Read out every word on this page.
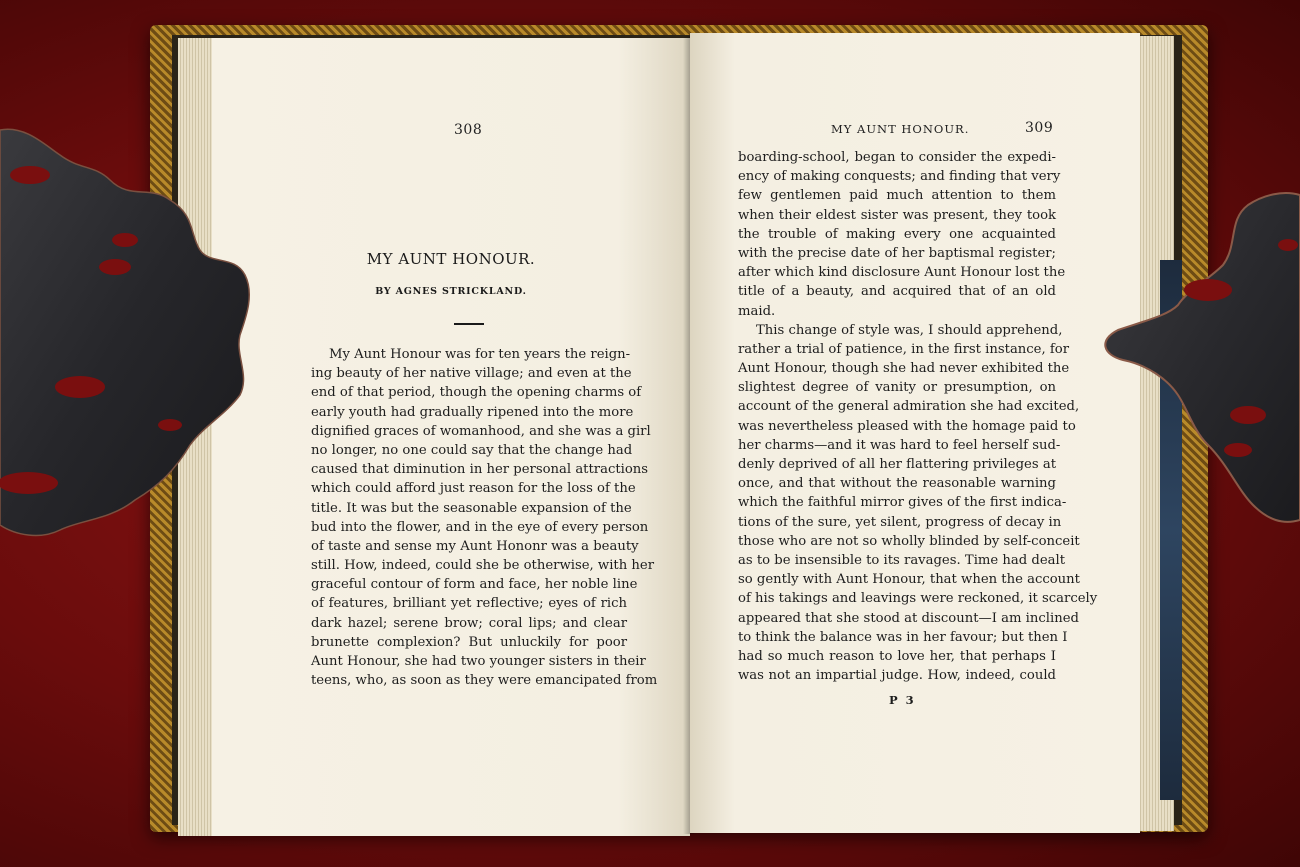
308
MY AUNT HONOUR.
BY AGNES STRICKLAND.
My Aunt Honour was for ten years the reign-
ing beauty of her native village; and even at the
end of that period, though the opening charms of
early youth had gradually ripened into the more
dignified graces of womanhood, and she was a girl
no longer, no one could say that the change had
caused that diminution in her personal attractions
which could afford just reason for the loss of the
title. It was but the seasonable expansion of the
bud into the flower, and in the eye of every person
of taste and sense my Aunt Hononr was a beauty
still. How, indeed, could she be otherwise, with her
graceful contour of form and face, her noble line
of features, brilliant yet reflective; eyes of rich
dark hazel; serene brow; coral lips; and clear
brunette complexion? But unluckily for poor
Aunt Honour, she had two younger sisters in their
teens, who, as soon as they were emancipated from
MY AUNT HONOUR.	309
boarding-school, began to consider the expedi-
ency of making conquests; and finding that very
few gentlemen paid much attention to them
when their eldest sister was present, they took
the trouble of making every one acquainted
with the precise date of her baptismal register;
after which kind disclosure Aunt Honour lost the
title of a beauty, and acquired that of an old
maid.
This change of style was, I should apprehend,
rather a trial of patience, in the first instance, for
Aunt Honour, though she had never exhibited the
slightest degree of vanity or presumption, on
account of the general admiration she had excited,
was nevertheless pleased with the homage paid to
her charms—and it was hard to feel herself sud-
denly deprived of all her flattering privileges at
once, and that without the reasonable warning
which the faithful mirror gives of the first indica-
tions of the sure, yet silent, progress of decay in
those who are not so wholly blinded by self-conceit
as to be insensible to its ravages. Time had dealt
so gently with Aunt Honour, that when the account
of his takings and leavings were reckoned, it scarcely
appeared that she stood at discount—I am inclined
to think the balance was in her favour; but then I
had so much reason to love her, that perhaps I
was not an impartial judge. How, indeed, could
P 3
